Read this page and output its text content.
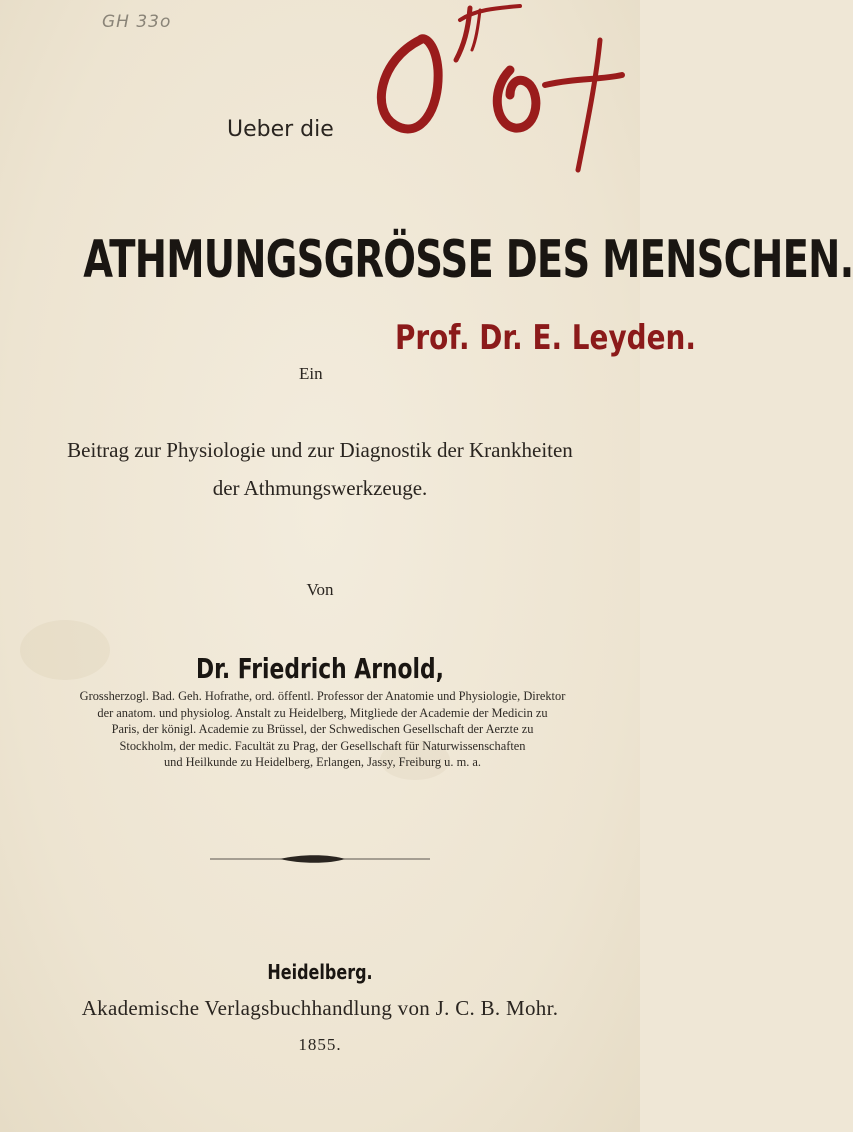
GH 33o
Ueber die
ATHMUNGSGRÖSSE DES MENSCHEN.
Prof. Dr. E. Leyden.
Ein
Beitrag zur Physiologie und zur Diagnostik der Krankheiten
der Athmungswerkzeuge.
Von
Dr. Friedrich Arnold,
Grossherzogl. Bad. Geh. Hofrathe, ord. öffentl. Professor der Anatomie und Physiologie, Direktor
der anatom. und physiolog. Anstalt zu Heidelberg, Mitgliede der Academie der Medicin zu
Paris, der königl. Academie zu Brüssel, der Schwedischen Gesellschaft der Aerzte zu
Stockholm, der medic. Facultät zu Prag, der Gesellschaft für Naturwissenschaften
und Heilkunde zu Heidelberg, Erlangen, Jassy, Freiburg u. m. a.
Heidelberg.
Akademische Verlagsbuchhandlung von J. C. B. Mohr.
1855.
